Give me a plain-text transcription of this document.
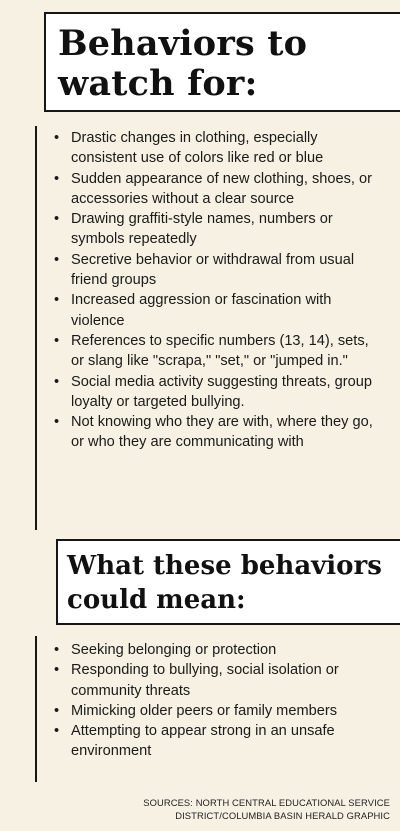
Behaviors to
watch for:
• Drastic changes in clothing, especially consistent use of colors like red or blue
• Sudden appearance of new clothing, shoes, or accessories without a clear source
• Drawing graffiti-style names, numbers or symbols repeatedly
• Secretive behavior or withdrawal from usual friend groups
• Increased aggression or fascination with violence
• References to specific numbers (13, 14), sets, or slang like "scrapa," "set," or "jumped in."
• Social media activity suggesting threats, group loyalty or targeted bullying.
• Not knowing who they are with, where they go, or who they are communicating with
What these behaviors
could mean:
• Seeking belonging or protection
• Responding to bullying, social isolation or community threats
• Mimicking older peers or family members
• Attempting to appear strong in an unsafe environment
SOURCES: NORTH CENTRAL EDUCATIONAL SERVICE
DISTRICT/COLUMBIA BASIN HERALD GRAPHIC
